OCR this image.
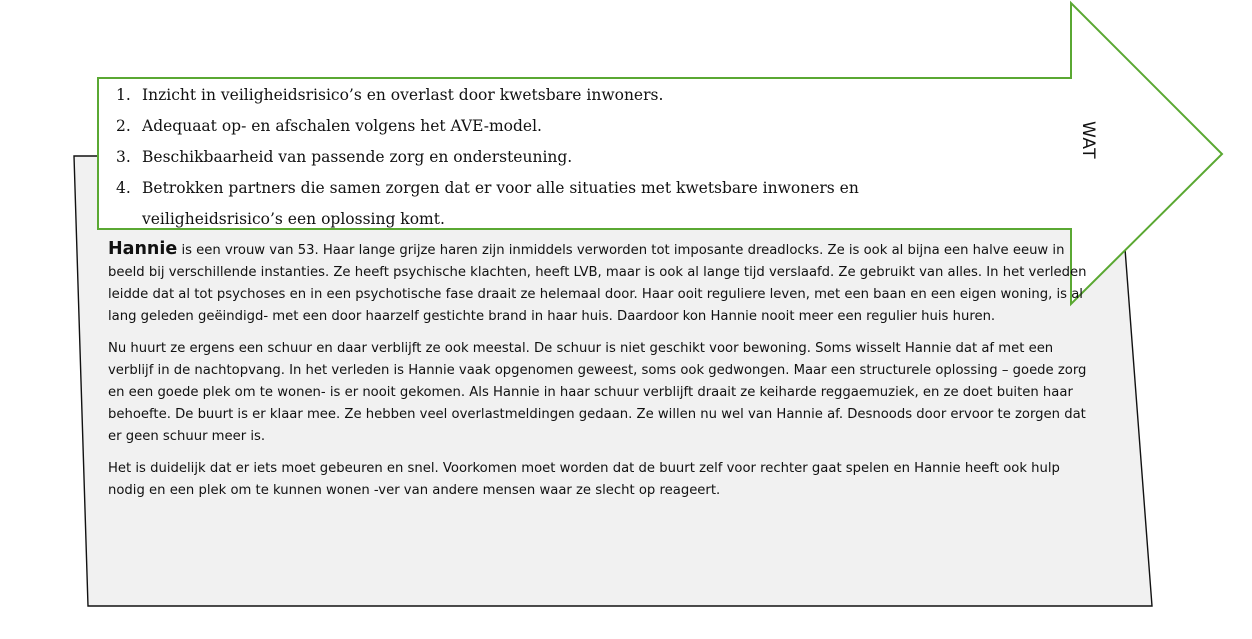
1. Inzicht in veiligheidsrisico’s en overlast door kwetsbare inwoners.
2. Adequaat op- en afschalen volgens het AVE-model.
3. Beschikbaarheid van passende zorg en ondersteuning.
4. Betrokken partners die samen zorgen dat er voor alle situaties met kwetsbare inwoners en
veiligheidsrisico’s een oplossing komt.
WAT

Hannie is een vrouw van 53. Haar lange grijze haren zijn inmiddels verworden tot imposante dreadlocks. Ze is ook al bijna een halve eeuw in beeld bij verschillende instanties. Ze heeft psychische klachten, heeft LVB, maar is ook al lange tijd verslaafd. Ze gebruikt van alles. In het verleden leidde dat al tot psychoses en in een psychotische fase draait ze helemaal door. Haar ooit reguliere leven, met een baan en een eigen woning, is al lang geleden geëindigd- met een door haarzelf gestichte brand in haar huis. Daardoor kon Hannie nooit meer een regulier huis huren.

Nu huurt ze ergens een schuur en daar verblijft ze ook meestal. De schuur is niet geschikt voor bewoning. Soms wisselt Hannie dat af met een verblijf in de nachtopvang. In het verleden is Hannie vaak opgenomen geweest, soms ook gedwongen. Maar een structurele oplossing – goede zorg en een goede plek om te wonen- is er nooit gekomen. Als Hannie in haar schuur verblijft draait ze keiharde reggaemuziek, en ze doet buiten haar behoefte. De buurt is er klaar mee. Ze hebben veel overlastmeldingen gedaan. Ze willen nu wel van Hannie af. Desnoods door ervoor te zorgen dat er geen schuur meer is.

Het is duidelijk dat er iets moet gebeuren en snel. Voorkomen moet worden dat de buurt zelf voor rechter gaat spelen en Hannie heeft ook hulp nodig en een plek om te kunnen wonen -ver van andere mensen waar ze slecht op reageert.
